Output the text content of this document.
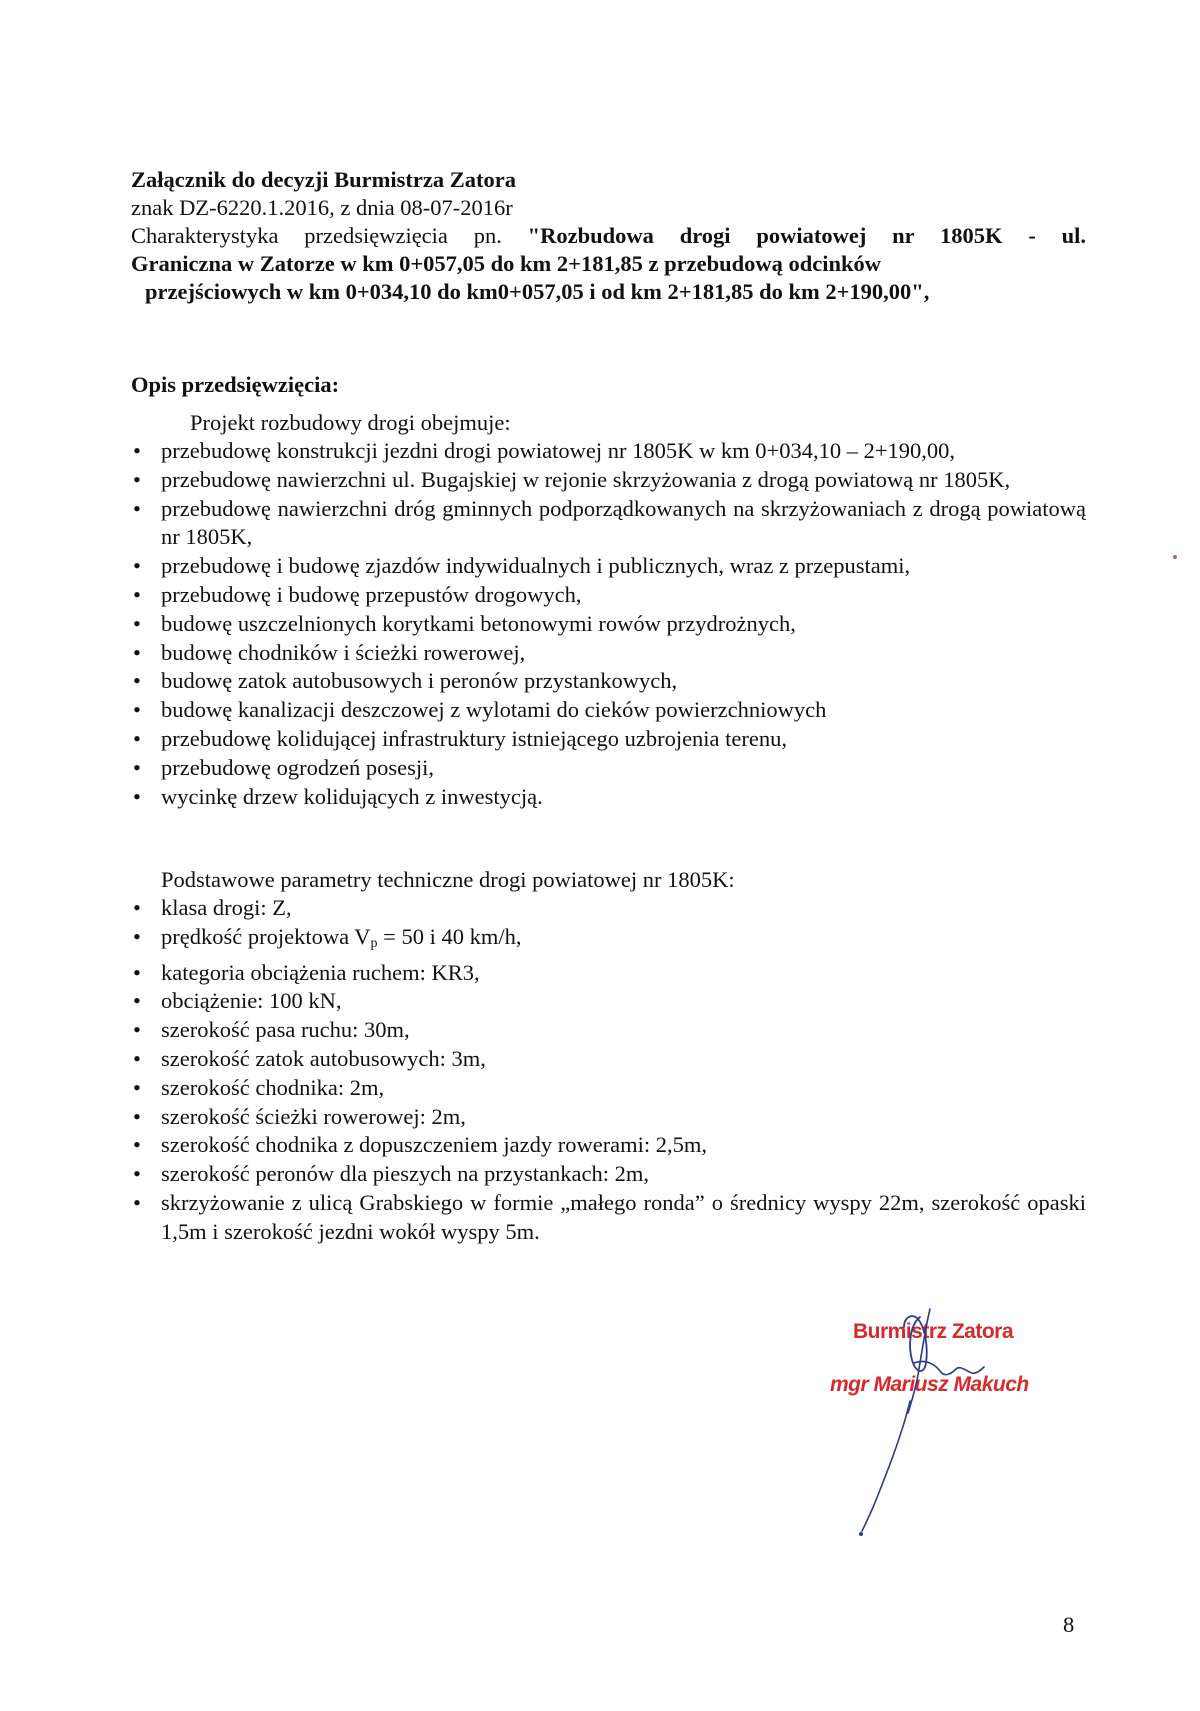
Załącznik do decyzji Burmistrza Zatora
znak DZ-6220.1.2016, z dnia 08-07-2016r
Charakterystyka przedsięwzięcia pn. "Rozbudowa drogi powiatowej nr 1805K - ul.
Graniczna w Zatorze w km 0+057,05 do km 2+181,85 z przebudową odcinków
przejściowych w km 0+034,10 do km0+057,05 i od km 2+181,85 do km 2+190,00",
Opis przedsięwzięcia:
Projekt rozbudowy drogi obejmuje:
• przebudowę konstrukcji jezdni drogi powiatowej nr 1805K w km 0+034,10 – 2+190,00,
• przebudowę nawierzchni ul. Bugajskiej w rejonie skrzyżowania z drogą powiatową nr 1805K,
• przebudowę nawierzchni dróg gminnych podporządkowanych na skrzyżowaniach z drogą powiatową nr 1805K,
• przebudowę i budowę zjazdów indywidualnych i publicznych, wraz z przepustami,
• przebudowę i budowę przepustów drogowych,
• budowę uszczelnionych korytkami betonowymi rowów przydrożnych,
• budowę chodników i ścieżki rowerowej,
• budowę zatok autobusowych i peronów przystankowych,
• budowę kanalizacji deszczowej z wylotami do cieków powierzchniowych
• przebudowę kolidującej infrastruktury istniejącego uzbrojenia terenu,
• przebudowę ogrodzeń posesji,
• wycinkę drzew kolidujących z inwestycją.
Podstawowe parametry techniczne drogi powiatowej nr 1805K:
• klasa drogi: Z,
• prędkość projektowa $V_p = 50$ i 40 km/h,
• kategoria obciążenia ruchem: KR3,
• obciążenie: 100 kN,
• szerokość pasa ruchu: 30m,
• szerokość zatok autobusowych: 3m,
• szerokość chodnika: 2m,
• szerokość ścieżki rowerowej: 2m,
• szerokość chodnika z dopuszczeniem jazdy rowerami: 2,5m,
• szerokość peronów dla pieszych na przystankach: 2m,
• skrzyżowanie z ulicą Grabskiego w formie „małego ronda” o średnicy wyspy 22m, szerokość opaski 1,5m i szerokość jezdni wokół wyspy 5m.
Burmistrz Zatora
mgr Mariusz Makuch
8
